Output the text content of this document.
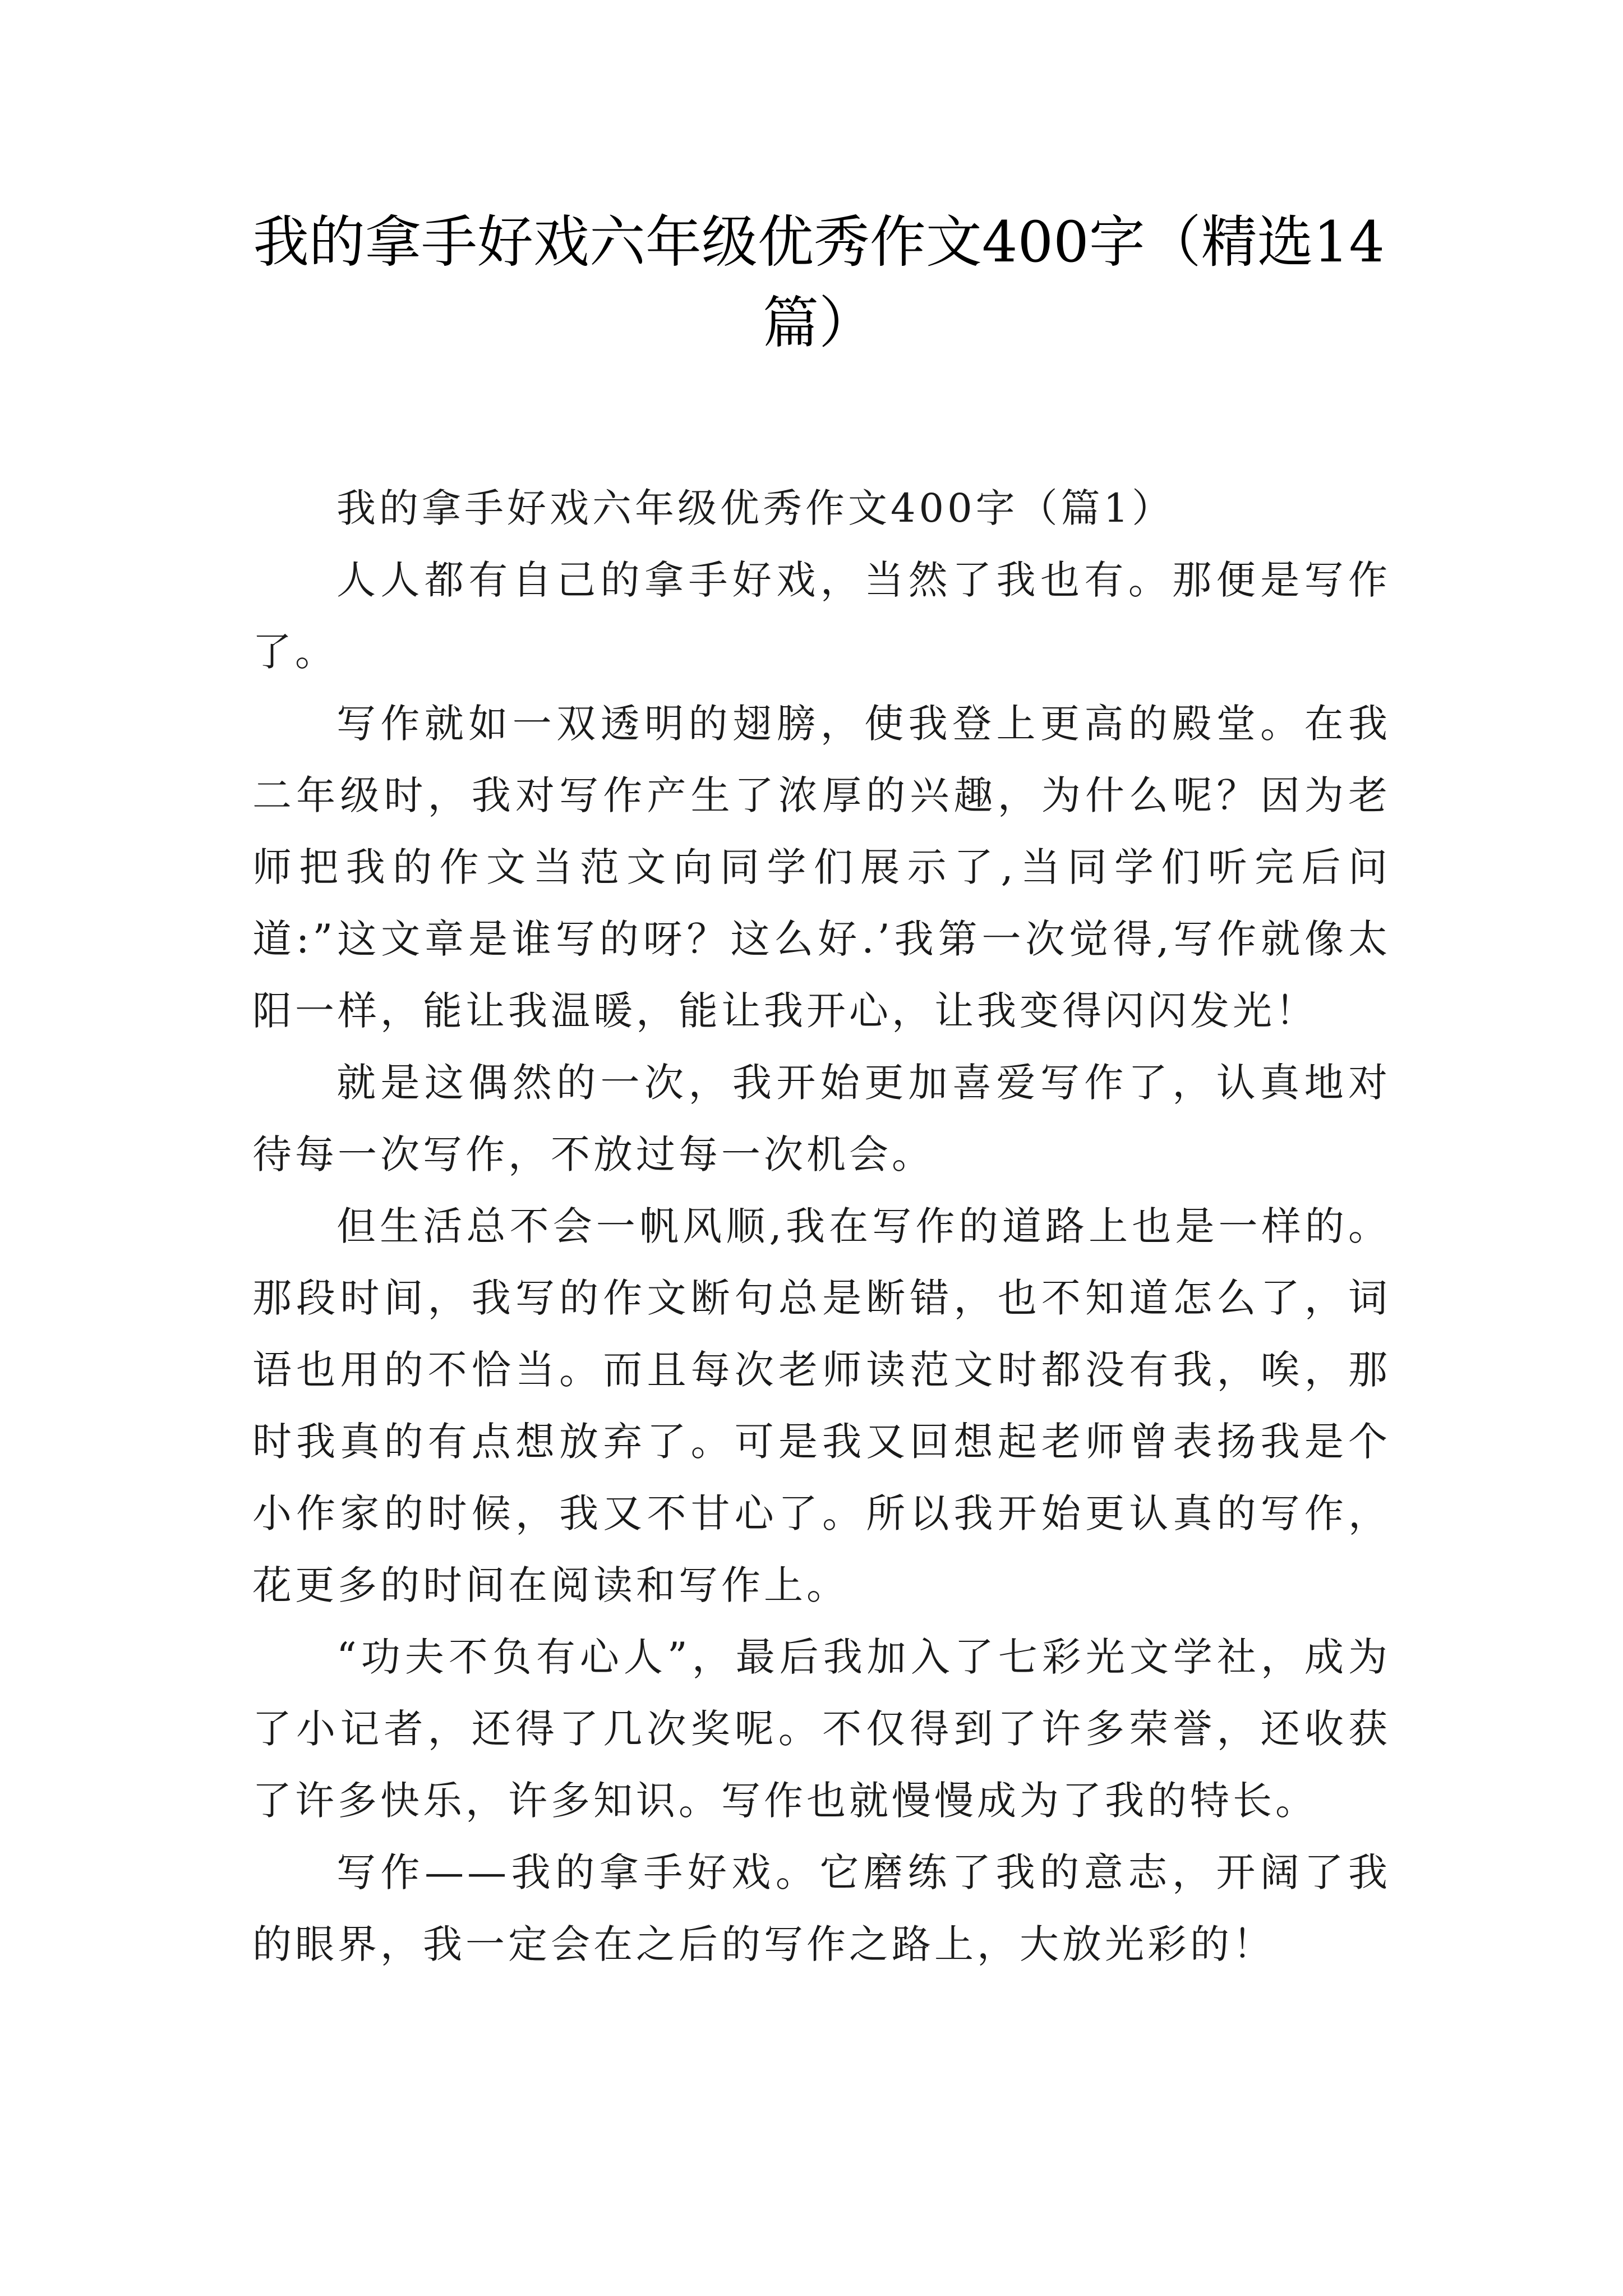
我的拿手好戏六年级优秀作文400字（精选14篇）

我的拿手好戏六年级优秀作文400字（篇1）

人人都有自己的拿手好戏，当然了我也有。那便是写作了。

写作就如一双透明的翅膀，使我登上更高的殿堂。在我二年级时，我对写作产生了浓厚的兴趣，为什么呢？因为老师把我的作文当范文向同学们展示了,当同学们听完后问道:”这文章是谁写的呀？这么好.’我第一次觉得,写作就像太阳一样，能让我温暖，能让我开心，让我变得闪闪发光！

就是这偶然的一次，我开始更加喜爱写作了，认真地对待每一次写作，不放过每一次机会。

但生活总不会一帆风顺,我在写作的道路上也是一样的。那段时间，我写的作文断句总是断错，也不知道怎么了，词语也用的不恰当。而且每次老师读范文时都没有我，唉，那时我真的有点想放弃了。可是我又回想起老师曾表扬我是个小作家的时候，我又不甘心了。所以我开始更认真的写作，花更多的时间在阅读和写作上。

“功夫不负有心人”，最后我加入了七彩光文学社，成为了小记者，还得了几次奖呢。不仅得到了许多荣誉，还收获了许多快乐，许多知识。写作也就慢慢成为了我的特长。

写作——我的拿手好戏。它磨练了我的意志，开阔了我的眼界，我一定会在之后的写作之路上，大放光彩的！
